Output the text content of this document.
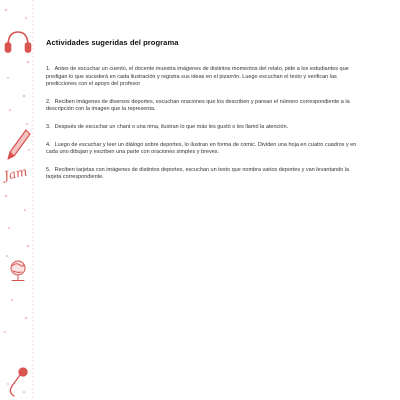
Jam
Actividades sugeridas del programa
1. Antes de escuchar un cuento, el docente muestra imágenes de distintos momentos del relato, pide a los estudiantes que predigan lo que sucederá en cada ilustración y registra sus ideas en el pizarrón. Luego escuchan el texto y verifican las predicciones con el apoyo del profesor
2. Reciben imágenes de diversos deportes, escuchan oraciones que los describen y parean el número correspondiente a la descripción con la imagen que la representa.
3. Después de escuchar un chant o una rima, ilustran lo que más les gustó o les llamó la atención.
4. Luego de escuchar y leer un diálogo sobre deportes, lo ilustran en forma de comic. Dividen una hoja en cuatro cuadros y en cada uno dibujan y escriben una parte con oraciones simples y breves.
5. Reciben tarjetas con imágenes de distintos deportes, escuchan un texto que nombra varios deportes y van levantando la tarjeta correspondiente.
